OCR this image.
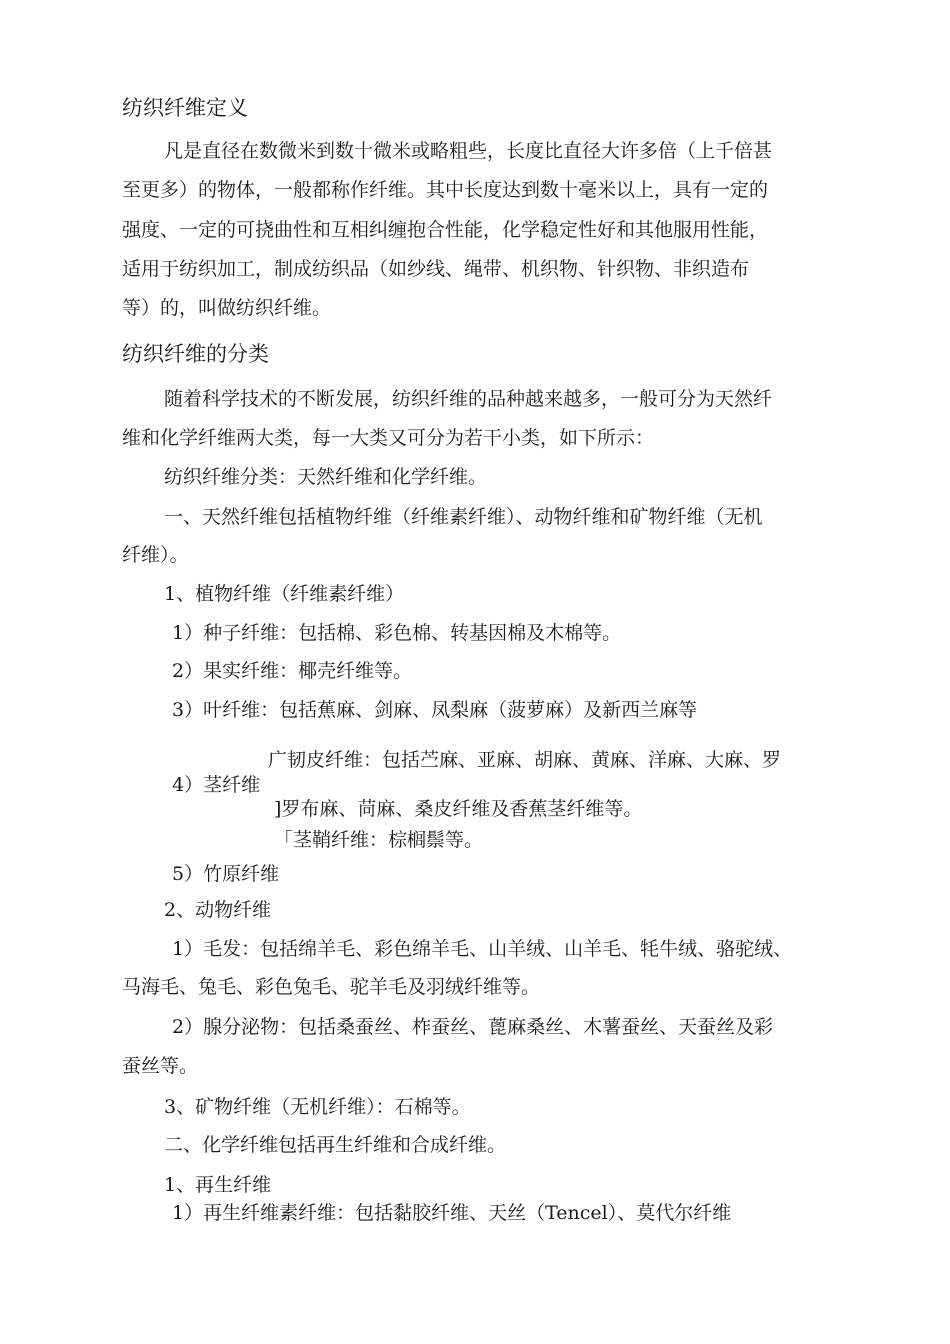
纺织纤维定义
凡是直径在数微米到数十微米或略粗些，长度比直径大许多倍（上千倍甚
至更多）的物体，一般都称作纤维。其中长度达到数十毫米以上，具有一定的
强度、一定的可挠曲性和互相纠缠抱合性能，化学稳定性好和其他服用性能，
适用于纺织加工，制成纺织品（如纱线、绳带、机织物、针织物、非织造布
等）的，叫做纺织纤维。
纺织纤维的分类
随着科学技术的不断发展，纺织纤维的品种越来越多，一般可分为天然纤
维和化学纤维两大类，每一大类又可分为若干小类，如下所示：
纺织纤维分类：天然纤维和化学纤维。
一、天然纤维包括植物纤维（纤维素纤维）、动物纤维和矿物纤维（无机
纤维）。
1、植物纤维（纤维素纤维）
1）种子纤维：包括棉、彩色棉、转基因棉及木棉等。
2）果实纤维：椰壳纤维等。
3）叶纤维：包括蕉麻、剑麻、凤梨麻（菠萝麻）及新西兰麻等
广韧皮纤维：包括苎麻、亚麻、胡麻、黄麻、洋麻、大麻、罗
4）茎纤维
]罗布麻、苘麻、桑皮纤维及香蕉茎纤维等。
「茎鞘纤维：棕榈鬃等。
5）竹原纤维
2、动物纤维
1）毛发：包括绵羊毛、彩色绵羊毛、山羊绒、山羊毛、牦牛绒、骆驼绒、
马海毛、兔毛、彩色兔毛、驼羊毛及羽绒纤维等。
2）腺分泌物：包括桑蚕丝、柞蚕丝、蓖麻桑丝、木薯蚕丝、天蚕丝及彩
蚕丝等。
3、矿物纤维（无机纤维）：石棉等。
二、化学纤维包括再生纤维和合成纤维。
1、再生纤维
1）再生纤维素纤维：包括黏胶纤维、天丝（Tencel）、莫代尔纤维
